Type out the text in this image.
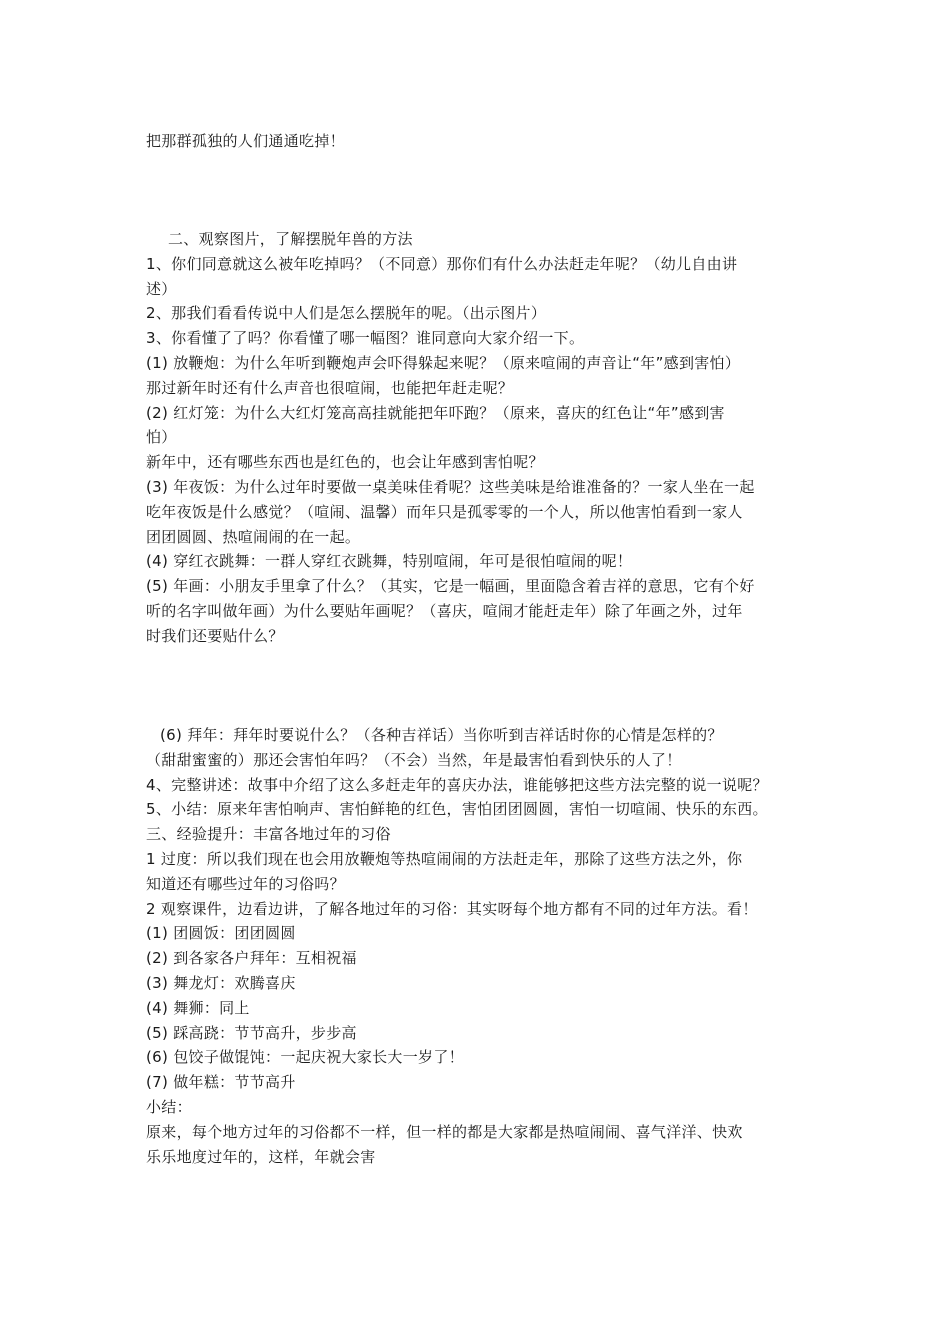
把那群孤独的人们通通吃掉！

二、观察图片，了解摆脱年兽的方法

1、你们同意就这么被年吃掉吗？（不同意）那你们有什么办法赶走年呢？（幼儿自由讲

述）

2、那我们看看传说中人们是怎么摆脱年的呢。（出示图片）

3、你看懂了了吗？你看懂了哪一幅图？谁同意向大家介绍一下。

(1) 放鞭炮：为什么年听到鞭炮声会吓得躲起来呢？（原来喧闹的声音让“年”感到害怕）

那过新年时还有什么声音也很喧闹，也能把年赶走呢？

(2) 红灯笼：为什么大红灯笼高高挂就能把年吓跑？（原来，喜庆的红色让“年”感到害

怕）

新年中，还有哪些东西也是红色的，也会让年感到害怕呢？

(3) 年夜饭：为什么过年时要做一桌美味佳肴呢？这些美味是给谁准备的？一家人坐在一起

吃年夜饭是什么感觉？（喧闹、温馨）而年只是孤零零的一个人，所以他害怕看到一家人

团团圆圆、热喧闹闹的在一起。

(4) 穿红衣跳舞：一群人穿红衣跳舞，特别喧闹，年可是很怕喧闹的呢！

(5) 年画：小朋友手里拿了什么？（其实，它是一幅画，里面隐含着吉祥的意思，它有个好

听的名字叫做年画）为什么要贴年画呢？（喜庆，喧闹才能赶走年）除了年画之外，过年

时我们还要贴什么？

(6) 拜年：拜年时要说什么？（各种吉祥话）当你听到吉祥话时你的心情是怎样的？

（甜甜蜜蜜的）那还会害怕年吗？（不会）当然，年是最害怕看到快乐的人了！

4、完整讲述：故事中介绍了这么多赶走年的喜庆办法，谁能够把这些方法完整的说一说呢？

5、小结：原来年害怕响声、害怕鲜艳的红色，害怕团团圆圆，害怕一切喧闹、快乐的东西。

三、经验提升：丰富各地过年的习俗

1 过度：所以我们现在也会用放鞭炮等热喧闹闹的方法赶走年，那除了这些方法之外，你

知道还有哪些过年的习俗吗？

2 观察课件，边看边讲，了解各地过年的习俗：其实呀每个地方都有不同的过年方法。看！

(1) 团圆饭：团团圆圆

(2) 到各家各户拜年：互相祝福

(3) 舞龙灯：欢腾喜庆

(4) 舞狮：同上

(5) 踩高跷：节节高升，步步高

(6) 包饺子做馄饨：一起庆祝大家长大一岁了！

(7) 做年糕：节节高升

小结：

原来，每个地方过年的习俗都不一样，但一样的都是大家都是热喧闹闹、喜气洋洋、快欢

乐乐地度过年的，这样，年就会害
